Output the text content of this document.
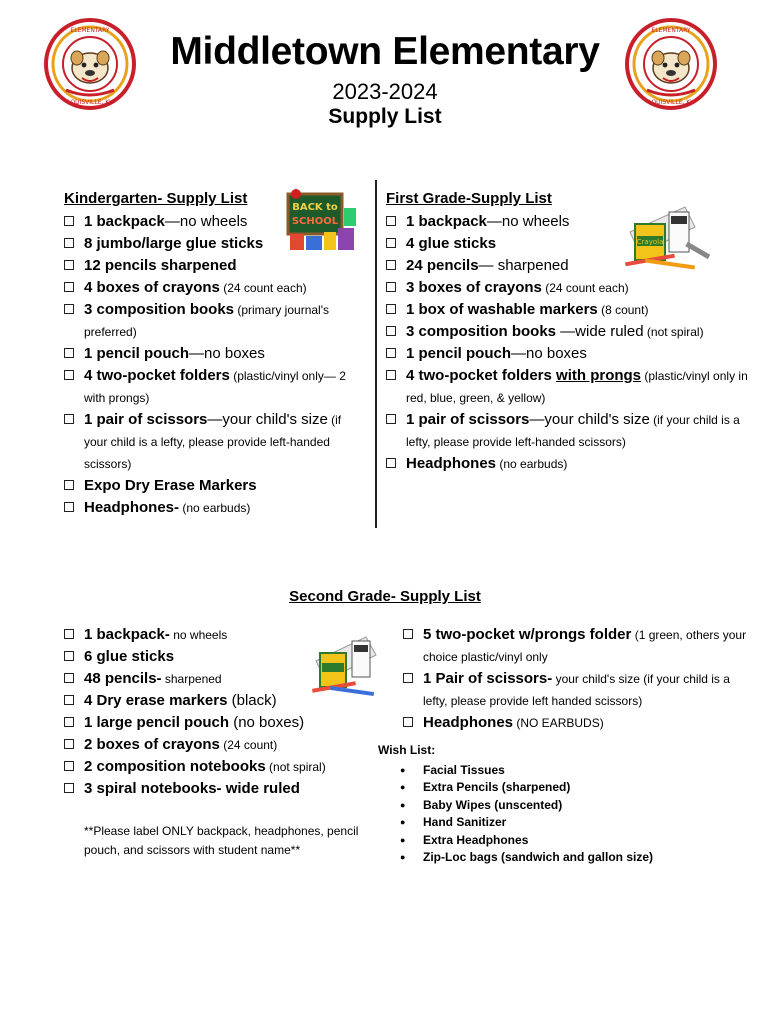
ELEMENTARY
LOUISVILLE, KY
ELEMENTARY
LOUISVILLE, KY
Middletown Elementary
2023-2024
Supply List
Kindergarten- Supply List
1 backpack—no wheels
8 jumbo/large glue sticks
12 pencils sharpened
4 boxes of crayons (24 count each)
3 composition books (primary journal's preferred)
1 pencil pouch—no boxes
4 two-pocket folders (plastic/vinyl only— 2 with prongs)
1 pair of scissors—your child's size (if your child is a lefty, please provide left-handed scissors)
Expo Dry Erase Markers
Headphones- (no earbuds)
BACK to
SCHOOL
First Grade-Supply List
1 backpack—no wheels
4 glue sticks
24 pencils— sharpened
3 boxes of crayons (24 count each)
1 box of washable markers (8 count)
3 composition books —wide ruled (not spiral)
1 pencil pouch—no boxes
4 two-pocket folders with prongs (plastic/vinyl only in red, blue, green, & yellow)
1 pair of scissors—your child's size (if your child is a lefty, please provide left-handed scissors)
Headphones (no earbuds)
Crayola
Second Grade- Supply List
1 backpack- no wheels
6 glue sticks
48 pencils- sharpened
4 Dry erase markers (black)
1 large pencil pouch (no boxes)
2 boxes of crayons (24 count)
2 composition notebooks (not spiral)
3 spiral notebooks- wide ruled
5 two-pocket w/prongs folder (1 green, others your choice plastic/vinyl only
1 Pair of scissors- your child's size (if your child is a lefty, please provide left handed scissors)
Headphones (NO EARBUDS)
**Please label ONLY backpack, headphones, pencil pouch, and scissors with student name**
Wish List:
● Facial Tissues
● Extra Pencils (sharpened)
● Baby Wipes (unscented)
● Hand Sanitizer
● Extra Headphones
● Zip-Loc bags (sandwich and gallon size)
